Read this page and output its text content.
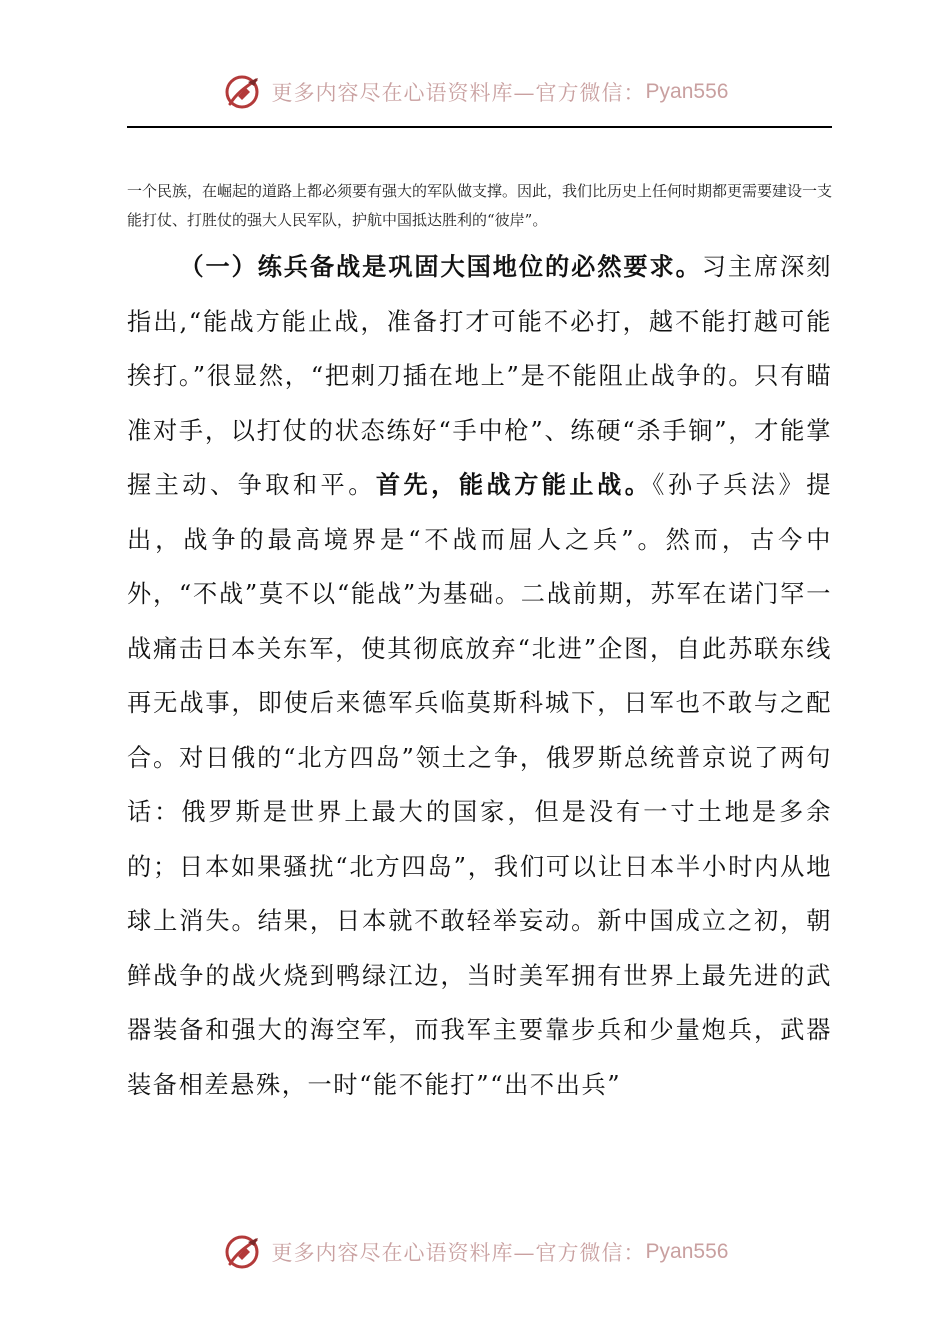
更多内容尽在心语资料库—官方微信： Pyan556
一个民族，在崛起的道路上都必须要有强大的军队做支撑。因此，我们比历史上任何时期都更需要建设一支能打仗、打胜仗的强大人民军队，护航中国抵达胜利的“彼岸”。

（一）练兵备战是巩固大国地位的必然要求。习主席深刻指出,“能战方能止战，准备打才可能不必打，越不能打越可能挨打。”很显然，“把刺刀插在地上”是不能阻止战争的。只有瞄准对手，以打仗的状态练好“手中枪”、练硬“杀手锏”，才能掌握主动、争取和平。首先，能战方能止战。《孙子兵法》提出，战争的最高境界是“不战而屈人之兵”。然而，古今中外，“不战”莫不以“能战”为基础。二战前期，苏军在诺门罕一战痛击日本关东军，使其彻底放弃“北进”企图，自此苏联东线再无战事，即使后来德军兵临莫斯科城下，日军也不敢与之配合。对日俄的“北方四岛”领土之争，俄罗斯总统普京说了两句话：俄罗斯是世界上最大的国家，但是没有一寸土地是多余的；日本如果骚扰“北方四岛”，我们可以让日本半小时内从地球上消失。结果，日本就不敢轻举妄动。新中国成立之初，朝鲜战争的战火烧到鸭绿江边，当时美军拥有世界上最先进的武器装备和强大的海空军，而我军主要靠步兵和少量炮兵，武器装备相差悬殊，一时“能不能打”“出不出兵”

更多内容尽在心语资料库—官方微信： Pyan556
